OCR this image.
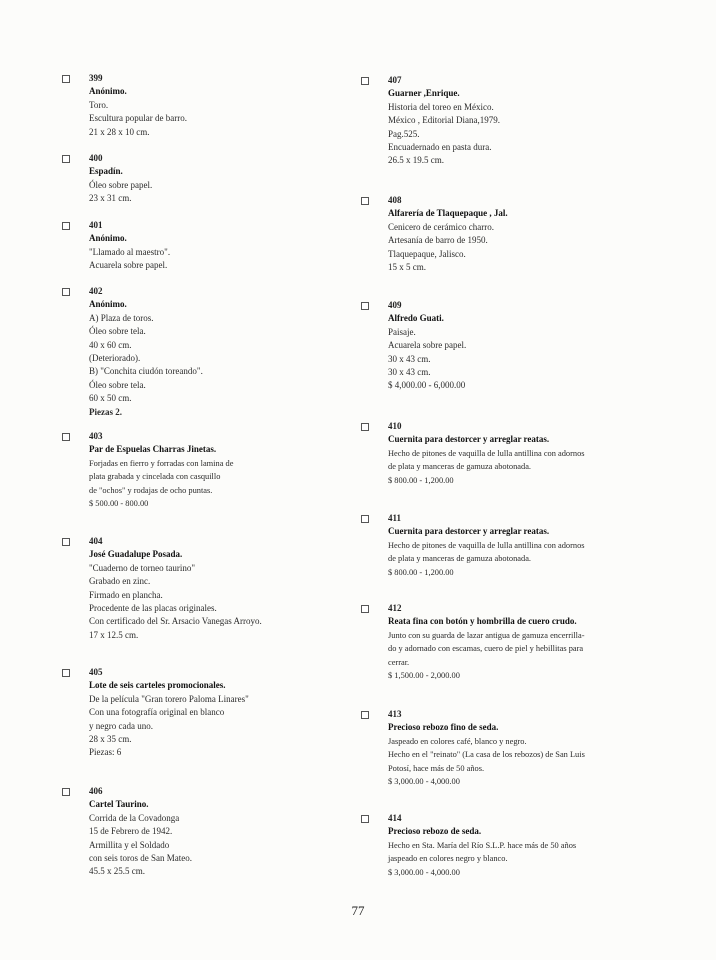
399
Anónimo.
Toro.
Escultura popular de barro.
21 x 28 x 10 cm.
400
Espadín.
Óleo sobre papel.
23 x 31 cm.
401
Anónimo.
"Llamado al maestro".
Acuarela sobre papel.
402
Anónimo.
A) Plaza de toros.
Óleo sobre tela.
40 x 60 cm.
(Deteriorado).
B) "Conchita ciudón toreando".
Óleo sobre tela.
60 x 50 cm.
Piezas 2.
403
Par de Espuelas Charras Jinetas.
Forjadas en fierro y forradas con lamina de
plata grabada y cincelada con casquillo
de "ochos" y rodajas de ocho puntas.
$ 500.00 - 800.00
404
José Guadalupe Posada.
"Cuaderno de torneo taurino"
Grabado en zinc.
Firmado en plancha.
Procedente de las placas originales.
Con certificado del Sr. Arsacio Vanegas Arroyo.
17 x 12.5 cm.
405
Lote de seis carteles promocionales.
De la película "Gran torero Paloma Linares"
Con una fotografía original en blanco
y negro cada uno.
28 x 35 cm.
Piezas: 6
406
Cartel Taurino.
Corrida de la Covadonga
15 de Febrero de 1942.
Armillita y el Soldado
con seis toros de San Mateo.
45.5 x 25.5 cm.
407
Guarner ,Enrique.
Historia del toreo en México.
México , Editorial Diana,1979.
Pag.525.
Encuadernado en pasta dura.
26.5 x 19.5 cm.
408
Alfarería de Tlaquepaque , Jal.
Cenicero de cerámico charro.
Artesanía de barro de 1950.
Tlaquepaque, Jalisco.
15 x 5 cm.
409
Alfredo Guati.
Paisaje.
Acuarela sobre papel.
30 x 43 cm.
30 x 43 cm.
$ 4,000.00 - 6,000.00
410
Cuernita para destorcer y arreglar reatas.
Hecho de pitones de vaquilla de lulla antillina con adornos
de plata y manceras de gamuza abotonada.
$ 800.00 - 1,200.00
411
Cuernita para destorcer y arreglar reatas.
Hecho de pitones de vaquilla de lulla antillina con adornos
de plata y manceras de gamuza abotonada.
$ 800.00 - 1,200.00
412
Reata fina con botón y hombrilla de cuero crudo.
Junto con su guarda de lazar antigua de gamuza encerrilla-
do y adornado con escamas, cuero de piel y hebillitas para
cerrar.
$ 1,500.00 - 2,000.00
413
Precioso rebozo fino de seda.
Jaspeado en colores café, blanco y negro.
Hecho en el "reinato" (La casa de los rebozos) de San Luis
Potosí, hace más de 50 años.
$ 3,000.00 - 4,000.00
414
Precioso rebozo de seda.
Hecho en Sta. María del Río S.L.P. hace más de 50 años
jaspeado en colores negro y blanco.
$ 3,000.00 - 4,000.00
77
